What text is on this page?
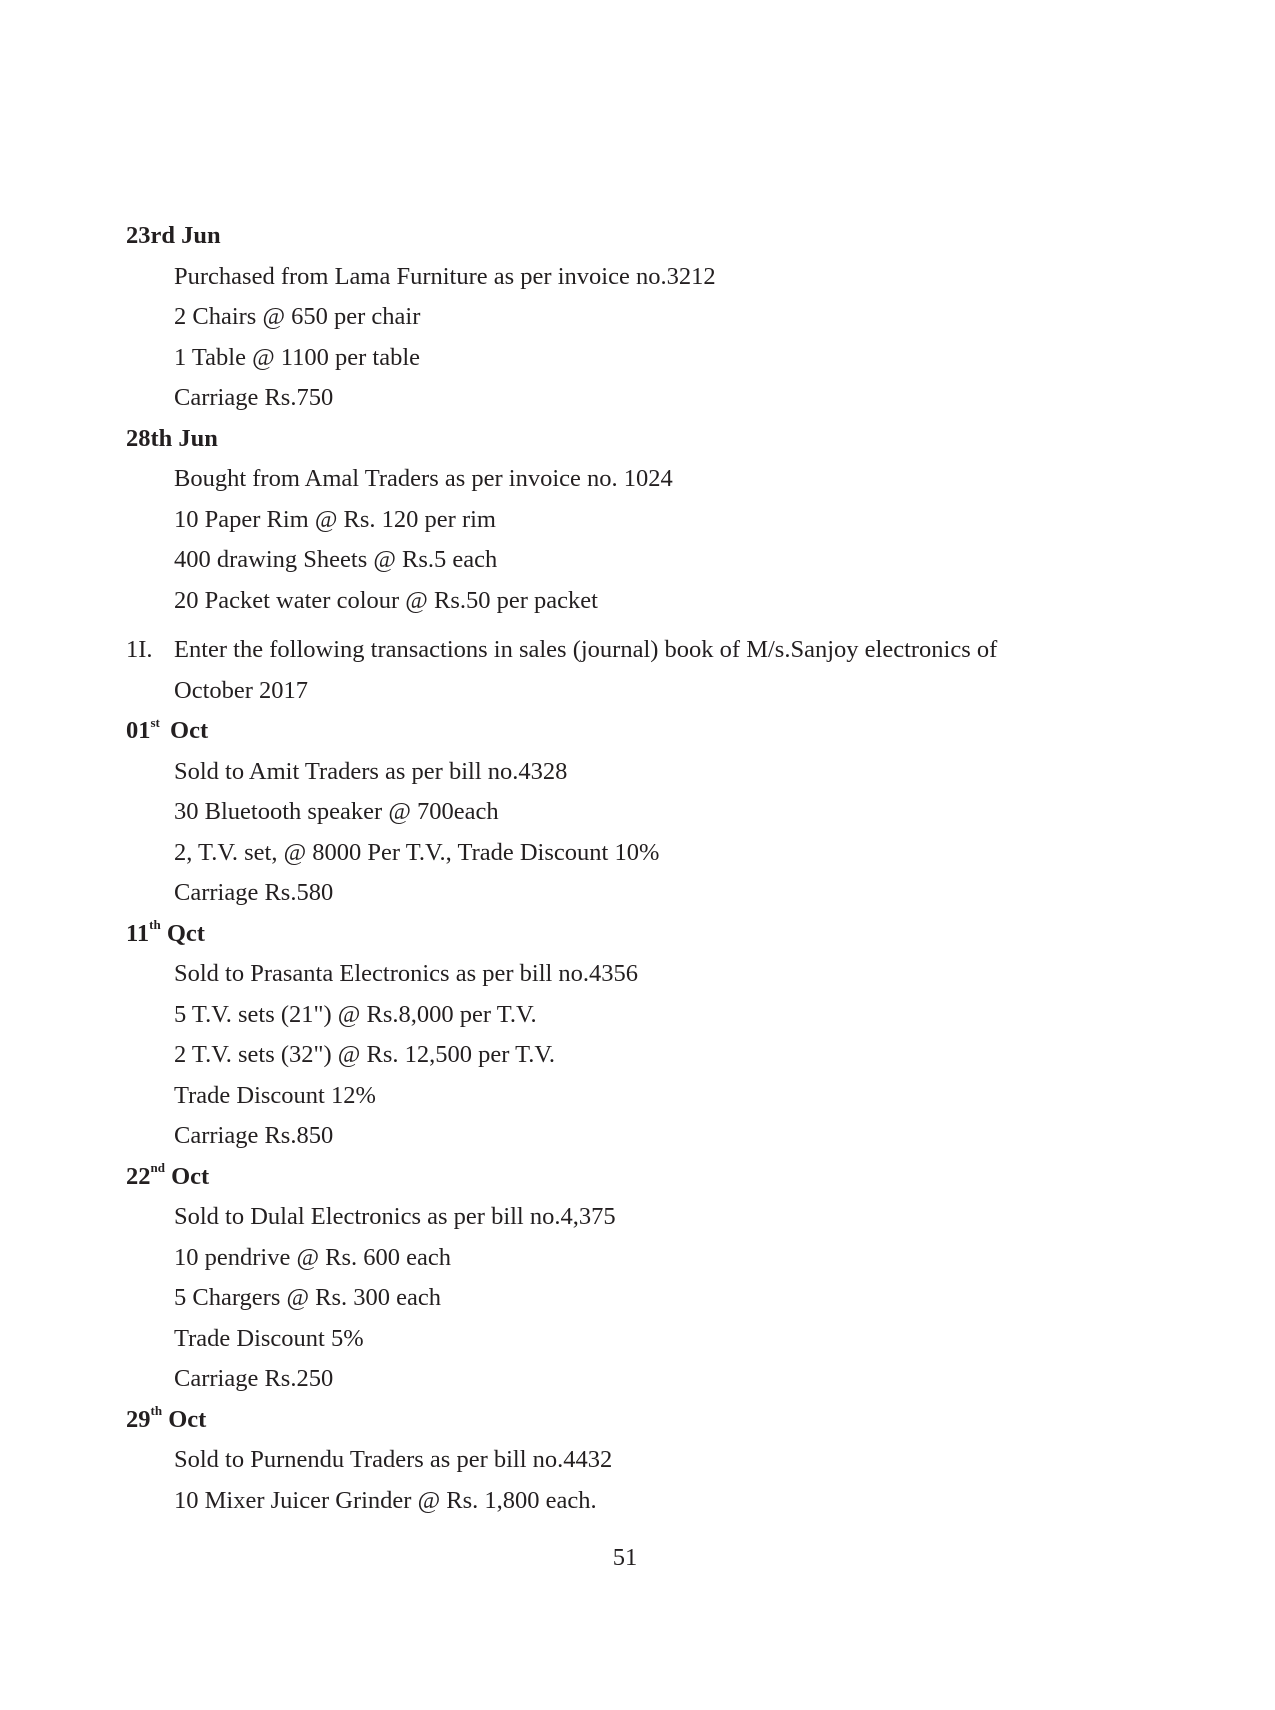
23rd Jun
Purchased from Lama Furniture as per invoice no.3212
2 Chairs @ 650 per chair
1 Table @ 1100 per table
Carriage Rs.750
28th Jun
Bought from Amal Traders as per invoice no. 1024
10 Paper Rim @ Rs. 120 per rim
400 drawing Sheets @ Rs.5 each
20 Packet water colour @ Rs.50 per packet
1I. Enter the following transactions in sales (journal) book of M/s.Sanjoy electronics of
October 2017
01st Oct
Sold to Amit Traders as per bill no.4328
30 Bluetooth speaker @ 700each
2, T.V. set, @ 8000 Per T.V., Trade Discount 10%
Carriage Rs.580
11th Qct
Sold to Prasanta Electronics as per bill no.4356
5 T.V. sets (21") @ Rs.8,000 per T.V.
2 T.V. sets (32") @ Rs. 12,500 per T.V.
Trade Discount 12%
Carriage Rs.850
22nd Oct
Sold to Dulal Electronics as per bill no.4,375
10 pendrive @ Rs. 600 each
5 Chargers @ Rs. 300 each
Trade Discount 5%
Carriage Rs.250
29th Oct
Sold to Purnendu Traders as per bill no.4432
10 Mixer Juicer Grinder @ Rs. 1,800 each.
51
